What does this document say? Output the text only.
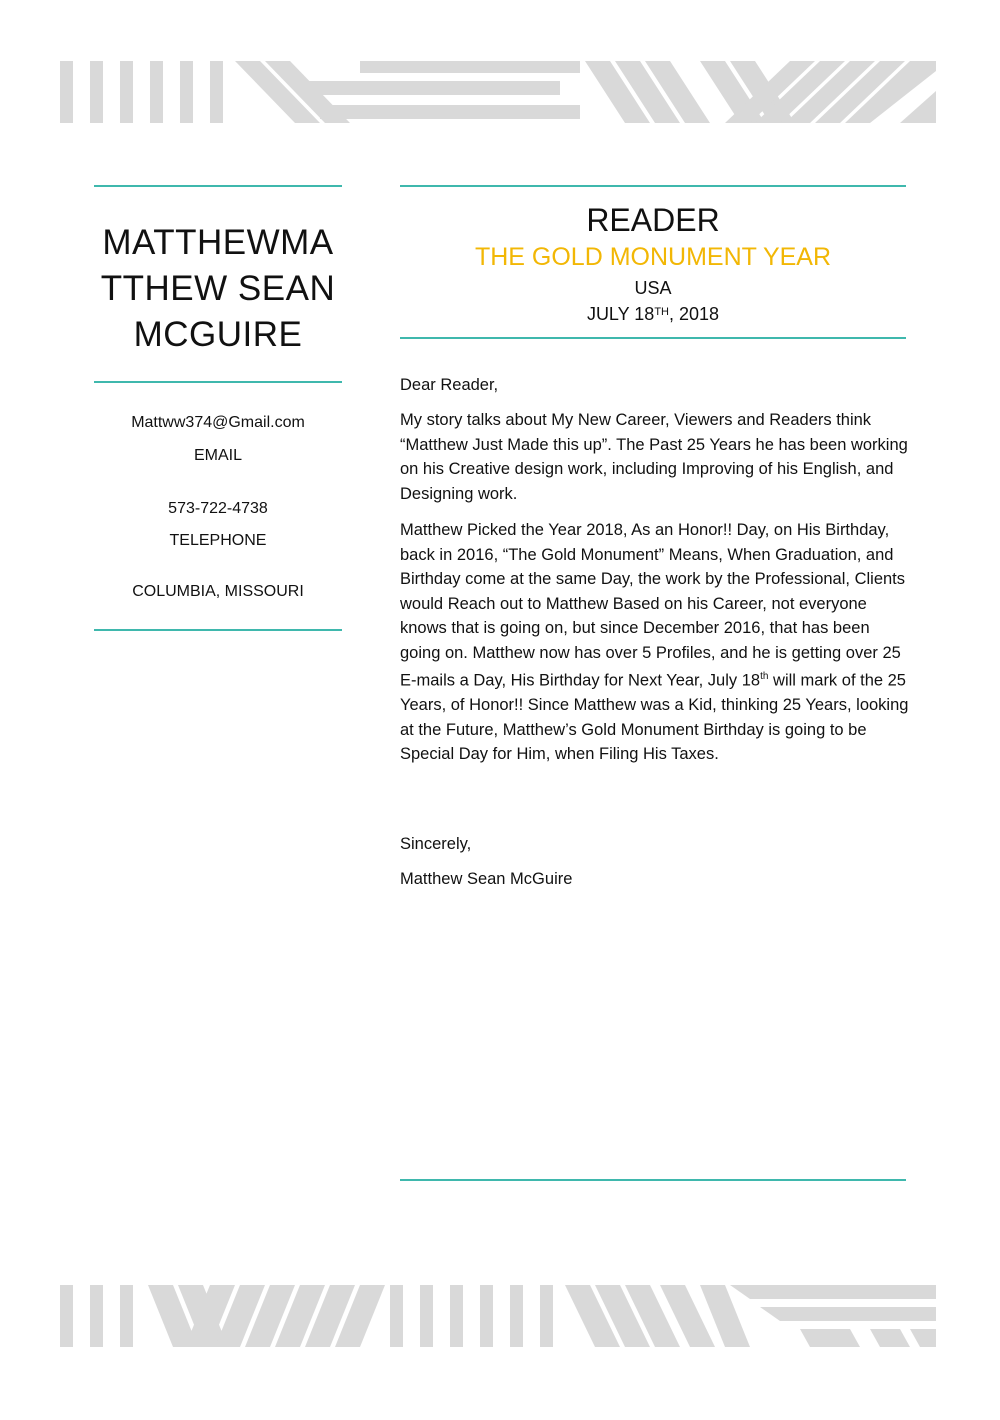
MATTHEWMA TTHEW SEAN MCGUIRE
Mattww374@Gmail.com
EMAIL
573-722-4738
TELEPHONE
COLUMBIA, MISSOURI
READER
THE GOLD MONUMENT YEAR
USA
JULY 18TH, 2018
Dear Reader,
My story talks about My New Career, Viewers and Readers think “Matthew Just Made this up”. The Past 25 Years he has been working on his Creative design work, including Improving of his English, and Designing work.
Matthew Picked the Year 2018, As an Honor!! Day, on His Birthday, back in 2016, “The Gold Monument” Means, When Graduation, and Birthday come at the same Day, the work by the Professional, Clients would Reach out to Matthew Based on his Career, not everyone knows that is going on, but since December 2016, that has been going on. Matthew now has over 5 Profiles, and he is getting over 25 E-mails a Day, His Birthday for Next Year, July 18th will mark of the 25 Years, of Honor!! Since Matthew was a Kid, thinking 25 Years, looking at the Future, Matthew’s Gold Monument Birthday is going to be Special Day for Him, when Filing His Taxes.
Sincerely,
Matthew Sean McGuire
